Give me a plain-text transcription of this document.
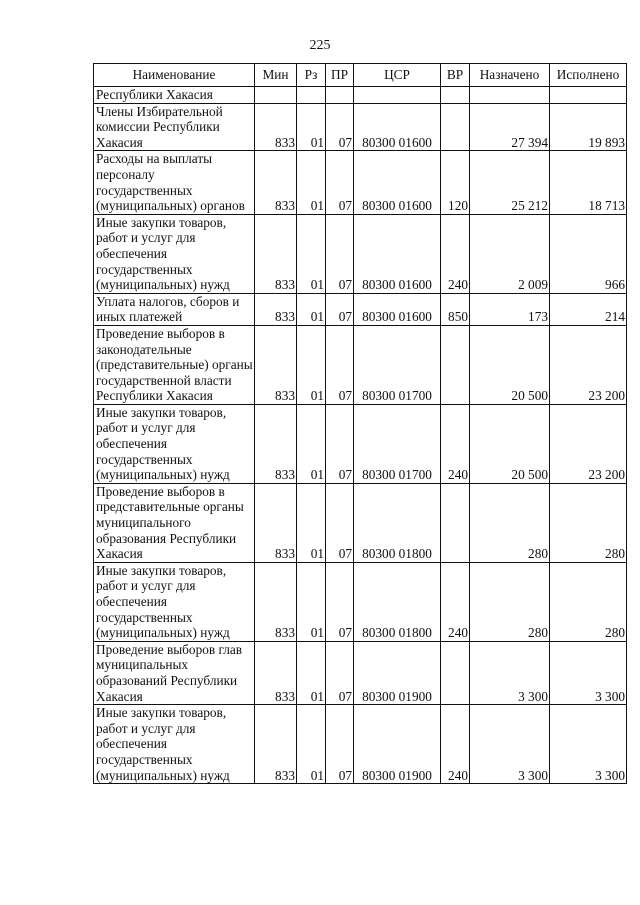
225
Наименование	Мин	Рз	ПР	ЦСР	ВР	Назначено	Исполнено
Республики Хакасия							
Члены Избирательной комиссии Республики Хакасия	833	01	07	80300 01600		27 394	19 893
Расходы на выплаты персоналу государственных (муниципальных) органов	833	01	07	80300 01600	120	25 212	18 713
Иные закупки товаров, работ и услуг для обеспечения государственных (муниципальных) нужд	833	01	07	80300 01600	240	2 009	966
Уплата налогов, сборов и иных платежей	833	01	07	80300 01600	850	173	214
Проведение выборов в законодательные (представительные) органы государственной власти Республики Хакасия	833	01	07	80300 01700		20 500	23 200
Иные закупки товаров, работ и услуг для обеспечения государственных (муниципальных) нужд	833	01	07	80300 01700	240	20 500	23 200
Проведение выборов в представительные органы муниципального образования Республики Хакасия	833	01	07	80300 01800		280	280
Иные закупки товаров, работ и услуг для обеспечения государственных (муниципальных) нужд	833	01	07	80300 01800	240	280	280
Проведение выборов глав муниципальных образований Республики Хакасия	833	01	07	80300 01900		3 300	3 300
Иные закупки товаров, работ и услуг для обеспечения государственных (муниципальных) нужд	833	01	07	80300 01900	240	3 300	3 300
